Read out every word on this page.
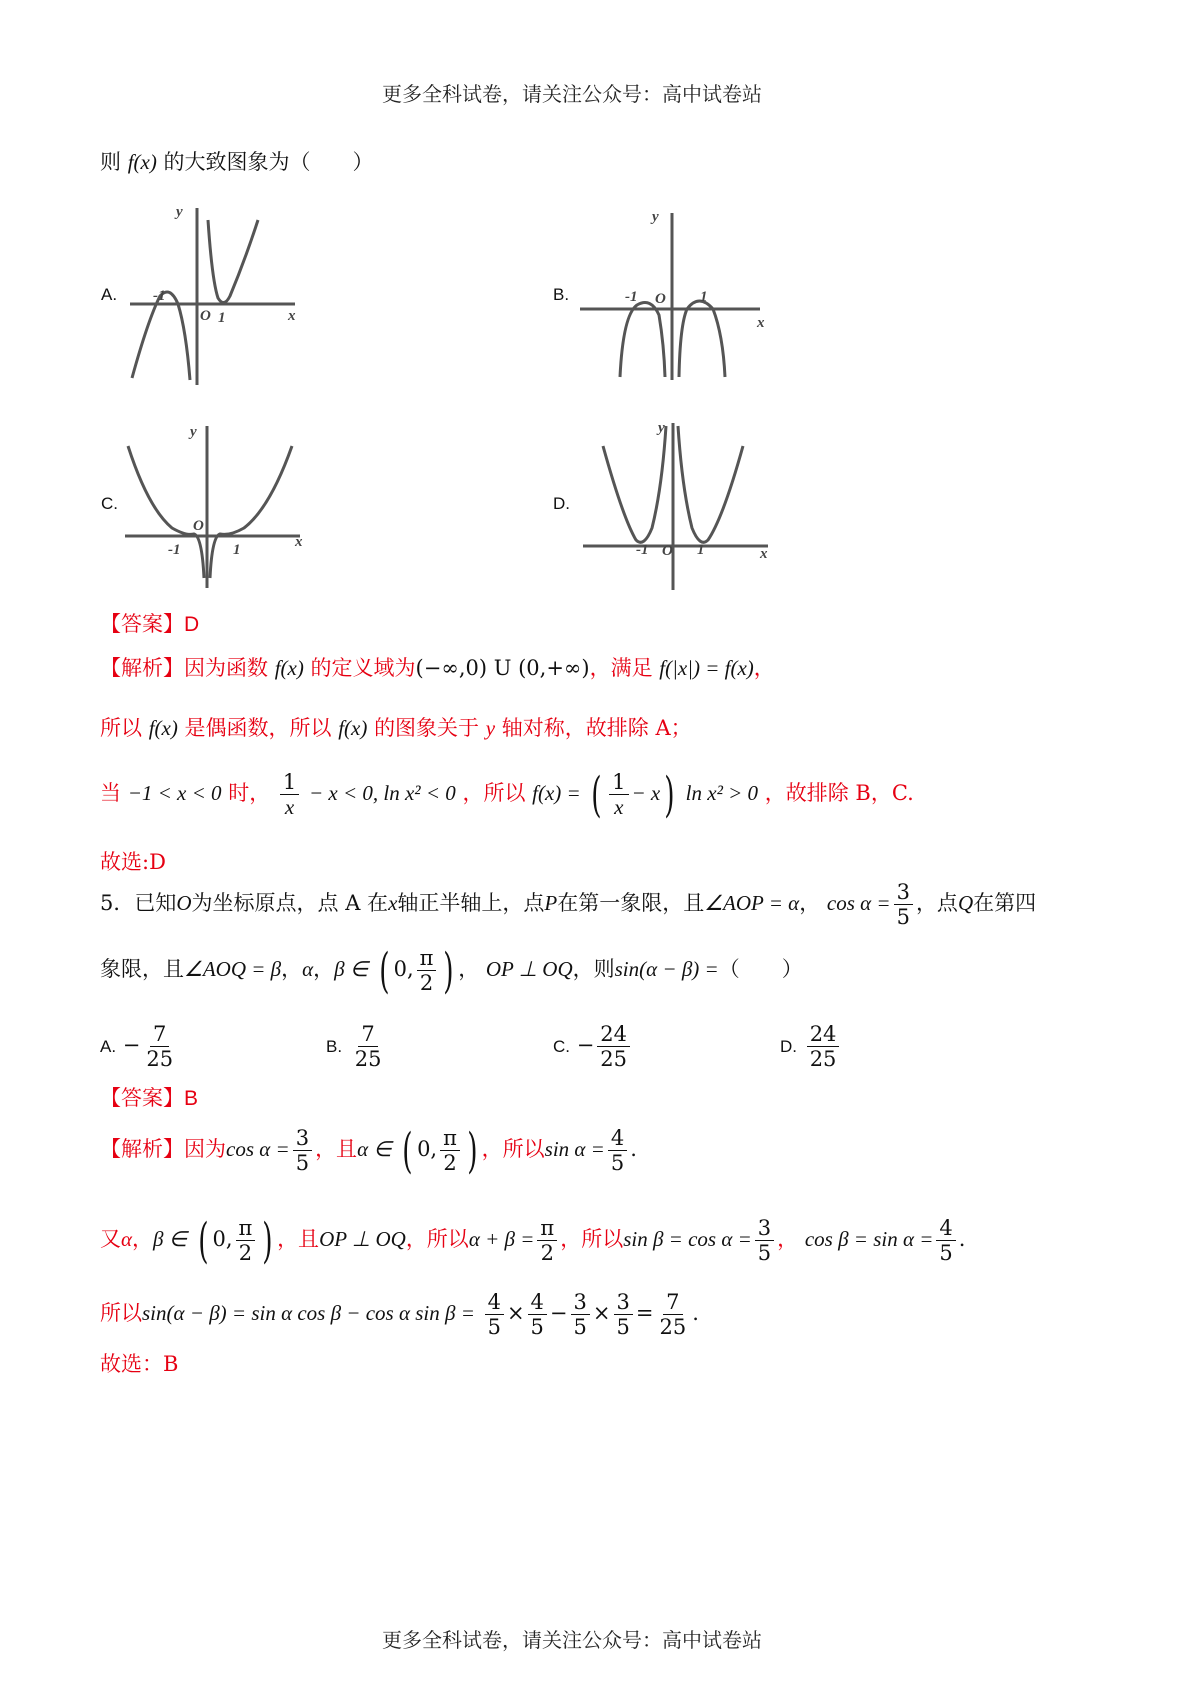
更多全科试卷，请关注公众号：高中试卷站
则 f(x) 的大致图象为（　　）
A.	B.
C.	D.
y
x
-1
O 1
y
x
-1 O 1
y
x
-1
O
1
y
x
-1 O 1
【答案】D
【解析】因为函数 f(x) 的定义域为(−∞,0) U (0,+∞)，满足 f(|x|) = f(x)，
所以 f(x) 是偶函数，所以 f(x) 的图象关于 y 轴对称，故排除 A；
当 −1 < x < 0 时， $\frac{1}{x} - x < 0$, ln x² < 0 ，所以 f(x) = ( $\frac{1}{x} - x$) ln x² > 0 ，故排除 B，C.
故选:D
5．已知O为坐标原点，点 A 在x轴正半轴上，点P在第一象限，且∠AOP = α， $\cos \alpha = \frac{3}{5}$ ，点Q在第四
象限，且∠AOQ = β，α，β ∈ ( 0, $\frac{\pi}{2}$ ) ， OP ⊥ OQ，则sin(α − β) =（　　）
A. − $\frac{7}{25}$	B. $\frac{7}{25}$	C. − $\frac{24}{25}$	D. $\frac{24}{25}$
【答案】B
【解析】因为$\cos \alpha = \frac{3}{5}$ ，且α ∈ ( 0, $\frac{\pi}{2}$ ) ，所以$\sin \alpha = \frac{4}{5}$ .
又α，β ∈ ( 0, $\frac{\pi}{2}$ ) ，且OP ⊥ OQ，所以$\alpha + \beta = \frac{\pi}{2}$ ，所以$\sin \beta = \cos \alpha = \frac{3}{5}$ ， $\cos \beta = \sin \alpha = \frac{4}{5}$ .
所以sin(α − β) = sin α cos β − cos α $\sin \beta = \frac{4}{5} \times \frac{4}{5} - \frac{3}{5} \times \frac{3}{5} = \frac{7}{25}$ .
故选：B
更多全科试卷，请关注公众号：高中试卷站
